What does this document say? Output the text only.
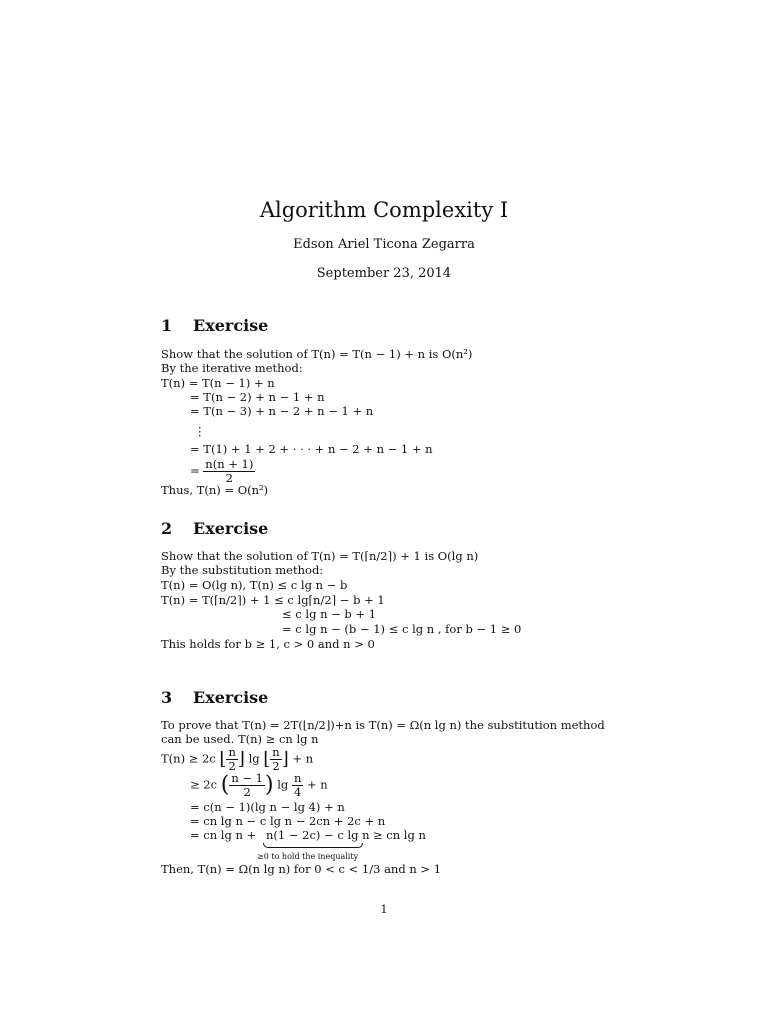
Algorithm Complexity I
Edson Ariel Ticona Zegarra
September 23, 2014
1 Exercise
Show that the solution of T(n) = T(n − 1) + n is O(n²)
By the iterative method:
T(n) = T(n − 1) + n
= T(n − 2) + n − 1 + n
= T(n − 3) + n − 2 + n − 1 + n
⋮
= T(1) + 1 + 2 + · · · + n − 2 + n − 1 + n
= $\frac{n(n + 1)}{2}$
Thus, T(n) = O(n²)
2 Exercise
Show that the solution of T(n) = T(⌈n/2⌉) + 1 is O(lg n)
By the substitution method:
T(n) = O(lg n), T(n) ≤ c lg n − b
T(n) = T(⌈n/2⌉) + 1 ≤ c lg⌈n/2⌉ − b + 1
≤ c lg n − b + 1
= c lg n − (b − 1) ≤ c lg n , for b − 1 ≥ 0
This holds for b ≥ 1, c > 0 and n > 0
3 Exercise
To prove that T(n) = 2T(⌊n/2⌋)+n is T(n) = Ω(n lg n) the substitution method
can be used. T(n) ≥ cn lg n
T(n) ≥ 2c ⌊ $\frac{n}{2}$ ⌋ lg ⌊ $\frac{n}{2}$ ⌋ + n
≥ 2c ( $\frac{n - 1}{2}$ ) $\lg \frac{n}{4} + n$
= c(n − 1)(lg n − lg 4) + n
= cn lg n − c lg n − 2cn + 2c + n
= cn lg n + n(1 − 2c) − c lg n ≥ cn lg n
≥0 to hold the inequality
Then, T(n) = Ω(n lg n) for 0 < c < 1/3 and n > 1
1
